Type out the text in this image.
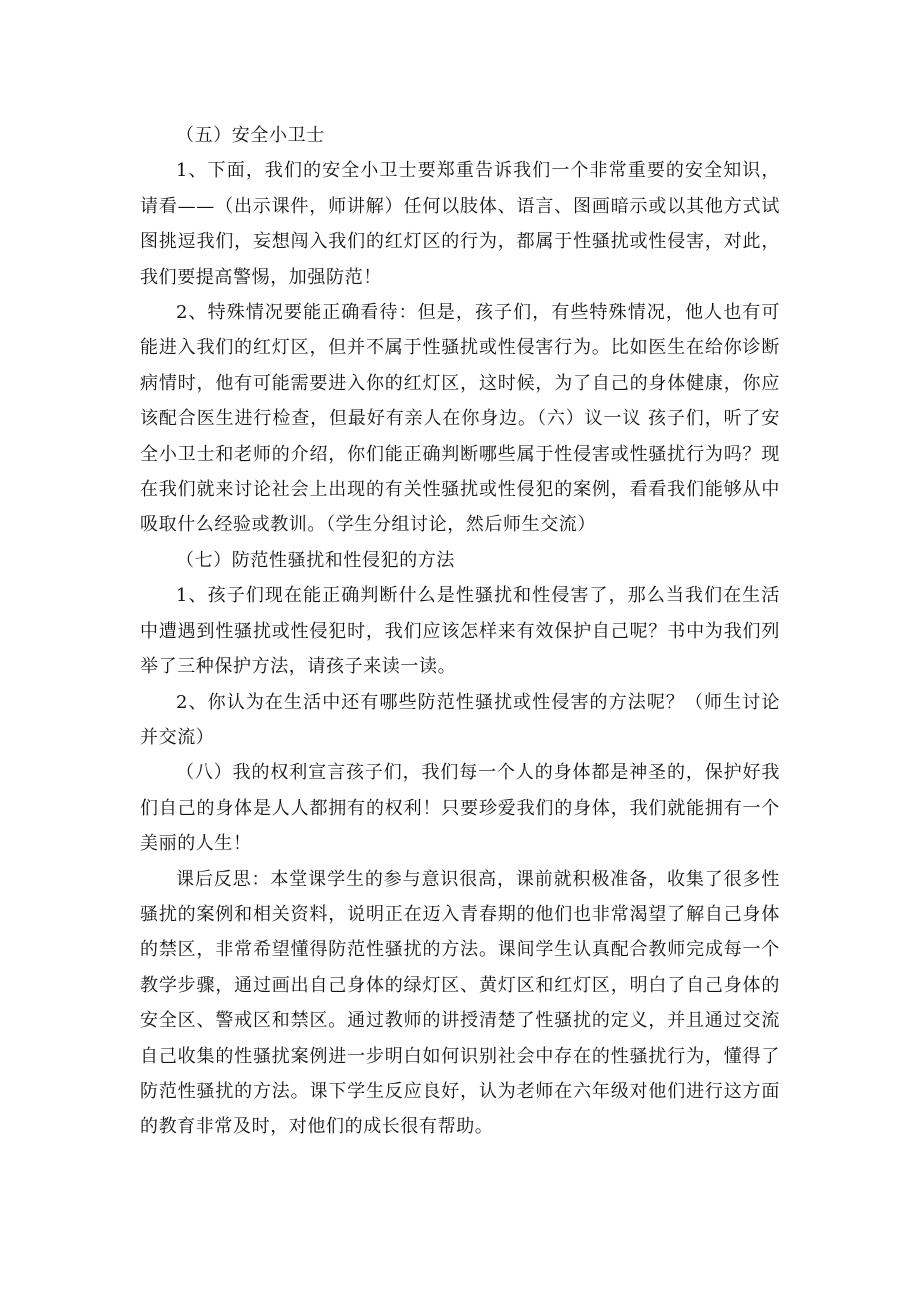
（五）安全小卫士

1、下面，我们的安全小卫士要郑重告诉我们一个非常重要的安全知识，请看——（出示课件，师讲解）任何以肢体、语言、图画暗示或以其他方式试图挑逗我们，妄想闯入我们的红灯区的行为，都属于性骚扰或性侵害，对此，我们要提高警惕，加强防范！

2、特殊情况要能正确看待：但是，孩子们，有些特殊情况，他人也有可能进入我们的红灯区，但并不属于性骚扰或性侵害行为。比如医生在给你诊断病情时，他有可能需要进入你的红灯区，这时候，为了自己的身体健康，你应该配合医生进行检查，但最好有亲人在你身边。（六）议一议 孩子们，听了安全小卫士和老师的介绍，你们能正确判断哪些属于性侵害或性骚扰行为吗？现在我们就来讨论社会上出现的有关性骚扰或性侵犯的案例，看看我们能够从中吸取什么经验或教训。（学生分组讨论，然后师生交流）

（七）防范性骚扰和性侵犯的方法

1、孩子们现在能正确判断什么是性骚扰和性侵害了，那么当我们在生活中遭遇到性骚扰或性侵犯时，我们应该怎样来有效保护自己呢？书中为我们列举了三种保护方法，请孩子来读一读。

2、你认为在生活中还有哪些防范性骚扰或性侵害的方法呢？（师生讨论并交流）

（八）我的权利宣言孩子们，我们每一个人的身体都是神圣的，保护好我们自己的身体是人人都拥有的权利！只要珍爱我们的身体，我们就能拥有一个美丽的人生！

课后反思：本堂课学生的参与意识很高，课前就积极准备，收集了很多性骚扰的案例和相关资料，说明正在迈入青春期的他们也非常渴望了解自己身体的禁区，非常希望懂得防范性骚扰的方法。课间学生认真配合教师完成每一个教学步骤，通过画出自己身体的绿灯区、黄灯区和红灯区，明白了自己身体的安全区、警戒区和禁区。通过教师的讲授清楚了性骚扰的定义，并且通过交流自己收集的性骚扰案例进一步明白如何识别社会中存在的性骚扰行为，懂得了防范性骚扰的方法。课下学生反应良好，认为老师在六年级对他们进行这方面的教育非常及时，对他们的成长很有帮助。
